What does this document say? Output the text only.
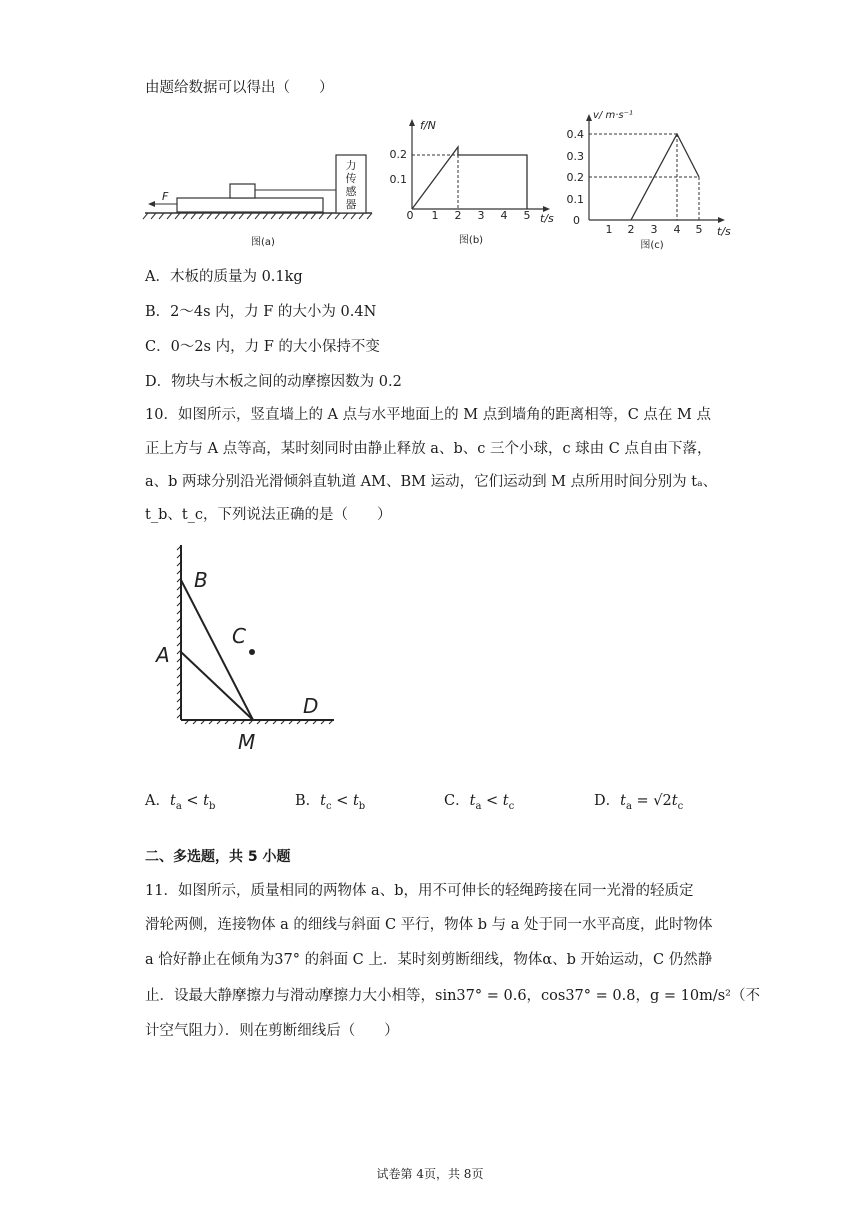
由题给数据可以得出（　　）
力
传
感
器
F
图(a)
f/N
t/s
0.2
0.1
0 1 2 3 4 5
图(b)
v/ m·s⁻¹
t/s
0.4
0.3
0.2
0.1
0
1 2 3 4 5
图(c)
A．木板的质量为 0.1kg
B．2～4s 内，力 F 的大小为 0.4N
C．0～2s 内，力 F 的大小保持不变
D．物块与木板之间的动摩擦因数为 0.2
10．如图所示，竖直墙上的 A 点与水平地面上的 M 点到墙角的距离相等，C 点在 M 点
正上方与 A 点等高，某时刻同时由静止释放 a、b、c 三个小球，c 球由 C 点自由下落，
a、b 两球分别沿光滑倾斜直轨道 AM、BM 运动，它们运动到 M 点所用时间分别为 tₐ、
t_b、t_c，下列说法正确的是（　　）
B
C
A
D
M
A．$t_a < t_b$	B．$t_c < t_b$	C．$t_a < t_c$	D．$t_a = √2t_c$
二、多选题，共 5 小题
11．如图所示，质量相同的两物体 a、b，用不可伸长的轻绳跨接在同一光滑的轻质定
滑轮两侧，连接物体 a 的细线与斜面 C 平行，物体 b 与 a 处于同一水平高度，此时物体
a 恰好静止在倾角为37° 的斜面 C 上．某时刻剪断细线，物体α、b 开始运动，C 仍然静
止．设最大静摩擦力与滑动摩擦力大小相等，sin37° = 0.6，cos37° = 0.8，g = 10m/s²（不
计空气阻力）．则在剪断细线后（　　）
试卷第 4页，共 8页
